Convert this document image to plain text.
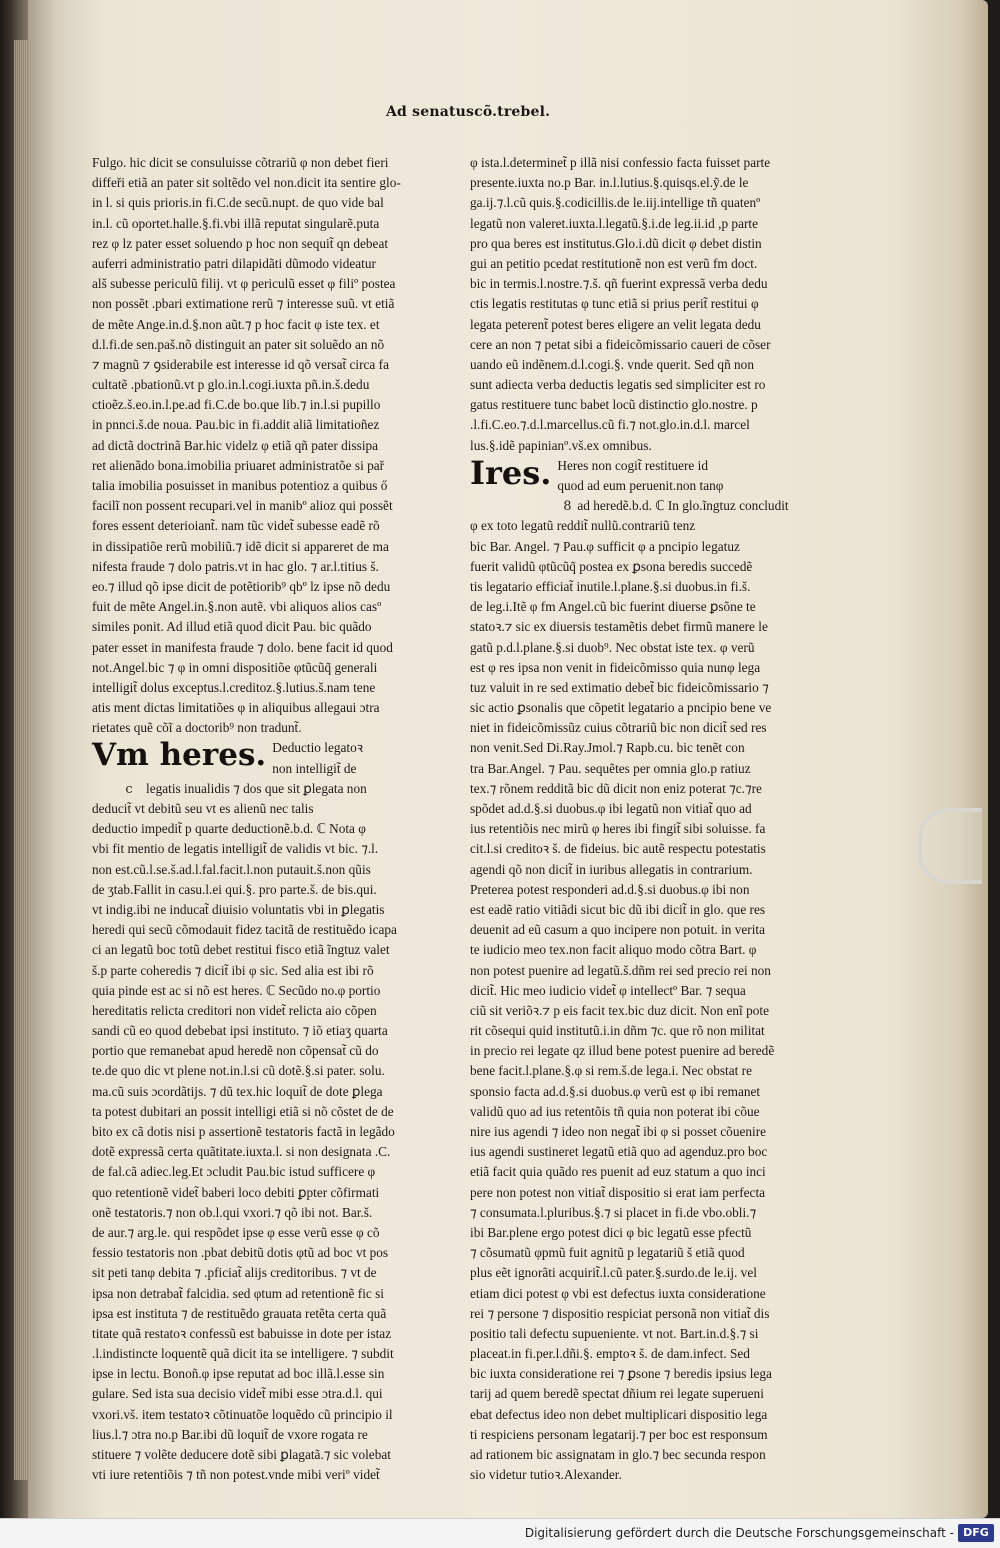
Ad senatuscõ.trebel.
Fulgo. hic dicit se consuluisse cõtrariũ φ non debet fieri
diffeři etiã an pater sit soltẽdo vel non.dicit ita sentire glo-
in l. si quis prioris.in fi.C.de secũ.nupt. de quo vide bal
in.l. cũ oportet.halle.§.fi.vbi illã reputat singularẽ.puta
rez φ lz pater esset soluendo p hoc non sequit̃ qn debeat
auferri administratio patri dilapidãti dũmodo videatur
alš subesse periculũ filij. vt φ periculũ esset φ filiº postea
non possẽt .pbari extimatione rerũ ⁊ interesse suũ. vt etiã
de mẽte Ange.in.d.§.non aũt.⁊ p hoc facit φ iste tex. et
d.l.fi.de sen.paš.nõ distinguit an pater sit soluẽdo an nõ
⁊ magnũ ⁊ ꝯsiderabile est interesse id qõ versat̃ circa fa
cultatẽ .pbationũ.vt p glo.in.l.cogi.iuxta pñ.in.š.dedu
ctioẽz.š.eo.in.l.pe.ad fi.C.de bo.que lib.⁊ in.l.si pupillo
in pnnci.š.de noua. Pau.bic in fi.addit aliã limitatioñez
ad dictã doctrinã Bar.hic videlz φ etiã qñ pater dissipa
ret alienãdo bona.imobilia priuaret administratõe si pař
talia imobilia posuisset in manibus potentioz a quibus ő
facilĩ non possent recupari.vel in manibº alioz qui possẽt
fores essent deterioiant̃. nam tũc videt̃ subesse eadẽ rõ
in dissipatiõe rerũ mobiliũ.⁊ idẽ dicit si appareret de ma
nifesta fraude ⁊ dolo patris.vt in hac glo. ⁊ ar.l.titius š.
eo.⁊ illud qõ ipse dicit de potẽtiorib⁹ qbº lz ipse nõ dedu
fuit de mẽte Angel.in.§.non autẽ. vbi aliquos alios casº
similes ponit. Ad illud etiã quod dicit Pau. bic quãdo
pater esset in manifesta fraude ⁊ dolo. bene facit id quod
not.Angel.bic ⁊ φ in omni dispositiõe φtũcũq̃ generali
intelligit̃ dolus exceptus.l.creditoz.§.lutius.š.nam tene
atis ment dictas limitatiões φ in aliquibus allegaui ɔtra
rietates quẽ cõĩ a doctorib⁹ non tradunt̃.
Vm heres. Deductio legatoꝛ
non intelligit̃ de
c legatis inualidis ⁊ dos que sit ꝑlegata non
deducit̃ vt debitũ seu vt es alienũ nec talis
deductio impedit̃ p quarte deductionẽ.b.d. ℂ Nota φ
vbi fit mentio de legatis intelligit̃ de validis vt bic. ⁊.l.
non est.cũ.l.se.š.ad.l.fal.facit.l.non putauit.š.non qũis
de ʒtab.Fallit in casu.l.ei qui.§. pro parte.š. de bis.qui.
vt indig.ibi ne inducat̃ diuisio voluntatis vbi in ꝑlegatis
heredi qui secũ cõmodauit fidez tacitã de restituẽdo icapa
ci an legatũ boc totũ debet restitui fisco etiã ĩngtuz valet
š.p parte coheredis ⁊ dicit̃ ibi φ sic. Sed alia est ibi rõ
quia pinde est ac si nõ est heres. ℂ Secũdo no.φ portio
hereditatis relicta creditori non videt̃ relicta aio cõpen
sandi cũ eo quod debebat ipsi instituto. ⁊ iõ etiaʒ quarta
portio que remanebat apud heredẽ non cõpensat̃ cũ do
te.de quo dic vt plene not.in.l.si cũ dotẽ.§.si pater. solu.
ma.cũ suis ɔcordãtijs. ⁊ dũ tex.hic loquit̃ de dote ꝑlega
ta potest dubitari an possit intelligi etiã si nõ cõstet de de
bito ex cã dotis nisi p assertionẽ testatoris factã in legãdo
dotẽ expressã certa quãtitate.iuxta.l. si non designata .C.
de fal.cã adiec.leg.Et ɔcludit Pau.bic istud sufficere φ
quo retentionẽ videt̃ baberi loco debiti ꝑpter cõfirmati
onẽ testatoris.⁊ non ob.l.qui vxori.⁊ qõ ibi not. Bar.š.
de aur.⁊ arg.le. qui respõdet ipse φ esse verũ esse φ cõ
fessio testatoris non .pbat debitũ dotis φtũ ad boc vt pos
sit peti tanφ debita ⁊ .pficiat̃ alijs creditoribus. ⁊ vt de
ipsa non detrabat̃ falcidia. sed φtum ad retentionẽ fic si
ipsa est instituta ⁊ de restituẽdo grauata retẽta certa quã
titate quã restatoꝛ confessũ est babuisse in dote per istaz
.l.indistincte loquentẽ quã dicit ita se intelligere. ⁊ subdit
ipse in lectu. Bonoñ.φ ipse reputat ad boc illã.l.esse sin
gulare. Sed ista sua decisio videt̃ mibi esse ɔtra.d.l. qui
vxori.vš. item testatoꝛ cõtinuatõe loquẽdo cũ principio il
lius.l.⁊ ɔtra no.p Bar.ibi dũ loquit̃ de vxore rogata re
stituere ⁊ volẽte deducere dotẽ sibi ꝑlagatã.⁊ sic volebat
vti iure retentiõis ⁊ tñ non potest.vnde mibi veriº videt̃
φ ista.l.determinet̃ p illã nisi confessio facta fuisset parte
presente.iuxta no.p Bar. in.l.lutius.§.quisqs.el.ỹ.de le
ga.ij.⁊.l.cũ quis.§.codicillis.de le.iij.intellige tñ quatenº
legatũ non valeret.iuxta.l.legatũ.§.i.de leg.ii.id ,p parte
pro qua beres est institutus.Glo.i.dũ dicit φ debet distin
gui an petitio pcedat restitutionẽ non est verũ fm doct.
bic in termis.l.nostre.⁊.š. qñ fuerint expressã verba dedu
ctis legatis restitutas φ tunc etiã si prius perit̃ restitui φ
legata peterent̃ potest beres eligere an velit legata dedu
cere an non ⁊ petat sibi a fideicõmissario caueri de cõser
uando eũ indẽnem.d.l.cogi.§. vnde querit. Sed qñ non
sunt adiecta verba deductis legatis sed simpliciter est ro
gatus restituere tunc babet locũ distinctio glo.nostre. p
.l.fi.C.eo.⁊.d.l.marcellus.cũ fi.⁊ not.glo.in.d.l. marcel
lus.§.idẽ papinianº.vš.ex omnibus.
Ires. Heres non cogit̃ restituere id
quod ad eum peruenit.non tanφ
8 ad heredẽ.b.d. ℂ In glo.ĩngtuz concludit
φ ex toto legatũ reddit̃ nullũ.contrariũ tenz
bic Bar. Angel. ⁊ Pau.φ sufficit φ a pncipio legatuz
fuerit validũ φtũcũq̃ postea ex ꝑsona beredis succedẽ
tis legatario efficiat̃ inutile.l.plane.§.si duobus.in fi.š.
de leg.i.Itẽ φ fm Angel.cũ bic fuerint diuerse ꝑsõne te
statoꝛ.⁊ sic ex diuersis testamẽtis debet firmũ manere le
gatũ p.d.l.plane.§.si duob⁹. Nec obstat iste tex. φ verũ
est φ res ipsa non venit in fideicõmisso quia nunφ lega
tuz valuit in re sed extimatio debet̃ bic fideicõmissario ⁊
sic actio ꝑsonalis que cõpetit legatario a pncipio bene ve
niet in fideicõmissũz cuius cõtrariũ bic non dicit̃ sed res
non venit.Sed Di.Ray.Jmol.⁊ Rapb.cu. bic tenẽt con
tra Bar.Angel. ⁊ Pau. sequẽtes per omnia glo.p ratiuz
tex.⁊ rõnem redditã bic dũ dicit non eniz poterat ⁊c.⁊re
spõdet ad.d.§.si duobus.φ ibi legatũ non vitiat̃ quo ad
ius retentiõis nec mirũ φ heres ibi fingit̃ sibi soluisse. fa
cit.l.si creditoꝛ š. de fideius. bic autẽ respectu potestatis
agendi qõ non dicit̃ in iuribus allegatis in contrarium.
Preterea potest responderi ad.d.§.si duobus.φ ibi non
est eadẽ ratio vitiãdi sicut bic dũ ibi dicit̃ in glo. que res
deuenit ad eũ casum a quo incipere non potuit. in verita
te iudicio meo tex.non facit aliquo modo cõtra Bart. φ
non potest puenire ad legatũ.š.dñm rei sed precio rei non
dicit̃. Hic meo iudicio videt̃ φ intellectº Bar. ⁊ sequa
ciũ sit veriõꝛ.⁊ p eis facit tex.bic duz dicit. Non enĩ pote
rit cõsequi quid institutũ.i.in dñm ⁊c. que rõ non militat
in precio rei legate qz illud bene potest puenire ad beredẽ
bene facit.l.plane.§.φ si rem.š.de lega.i. Nec obstat re
sponsio facta ad.d.§.si duobus.φ verũ est φ ibi remanet
validũ quo ad ius retentõis tñ quia non poterat ibi cõue
nire ius agendi ⁊ ideo non negat̃ ibi φ si posset cõuenire
ius agendi sustineret legatũ etiã quo ad agenduz.pro boc
etiã facit quia quãdo res puenit ad euz statum a quo inci
pere non potest non vitiat̃ dispositio si erat iam perfecta
⁊ consumata.l.pluribus.§.⁊ si placet in fi.de vbo.obli.⁊
ibi Bar.plene ergo potest dici φ bic legatũ esse pfectũ
⁊ cõsumatũ φpmũ fuit agnitũ p legatariũ š etiã quod
plus eẽt ignorãti acquirit̃.l.cũ pater.§.surdo.de le.ij. vel
etiam dici potest φ vbi est defectus iuxta consideratione
rei ⁊ persone ⁊ dispositio respiciat personã non vitiat̃ dis
positio tali defectu supueniente. vt not. Bart.in.d.§.⁊ si
placeat.in fi.per.l.dñi.§. emptoꝛ š. de dam.infect. Sed
bic iuxta consideratione rei ⁊ ꝑsone ⁊ beredis ipsius lega
tarij ad quem beredẽ spectat dñium rei legate superueni
ebat defectus ideo non debet multiplicari dispositio lega
ti respiciens personam legatarij.⁊ per boc est responsum
ad rationem bic assignatam in glo.⁊ bec secunda respon
sio videtur tutioꝛ.Alexander.
Digitalisierung gefördert durch die Deutsche Forschungsgemeinschaft - DFG
